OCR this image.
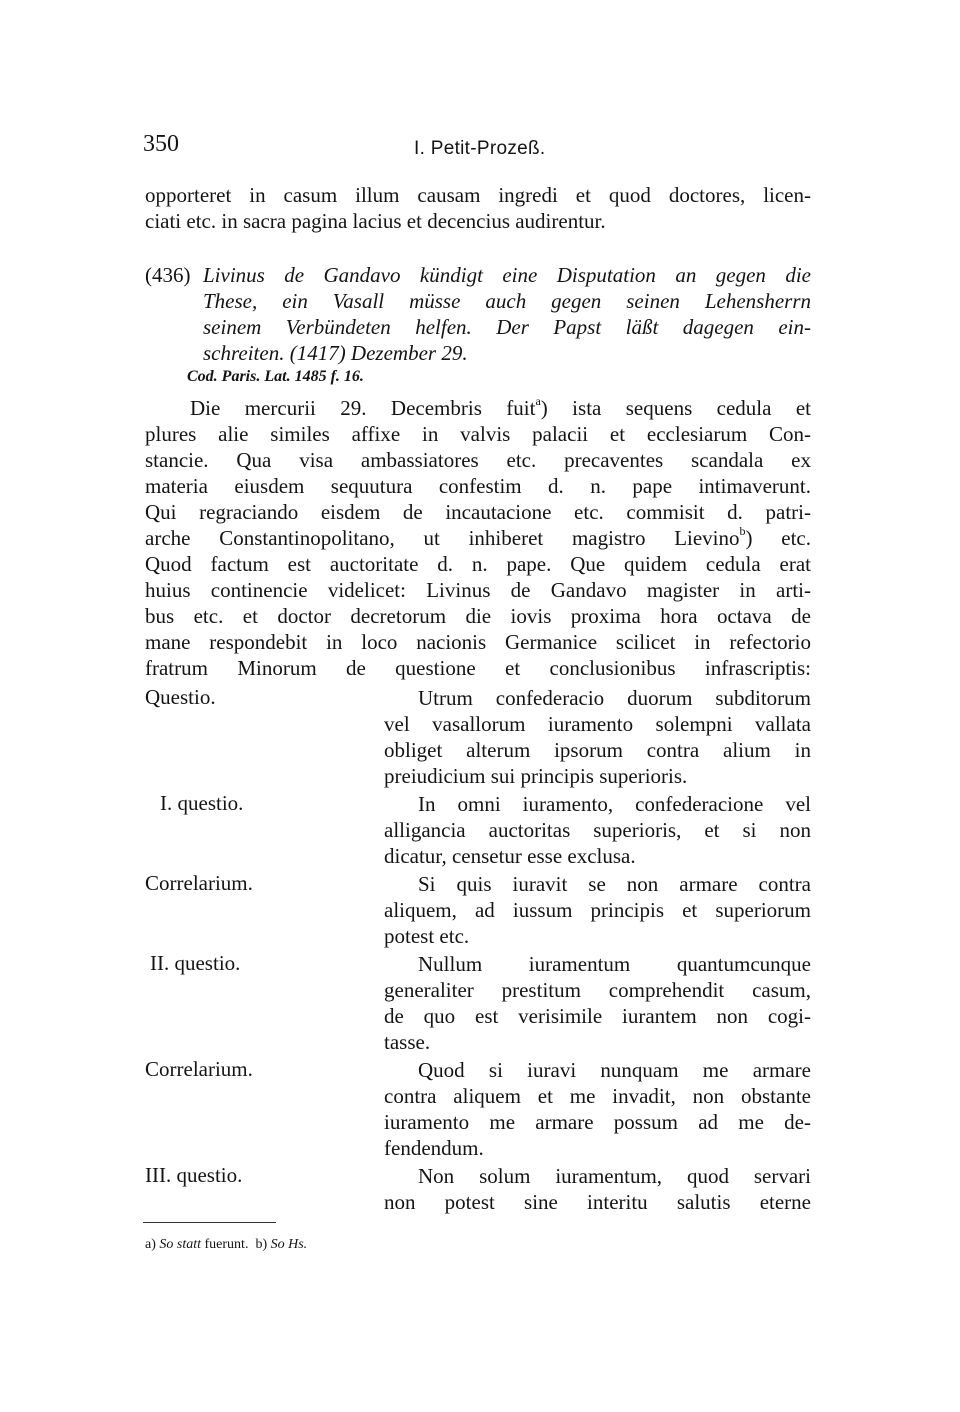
350	I. Petit-Prozeß.
opporteret in casum illum causam ingredi et quod doctores, licen-
ciati etc. in sacra pagina lacius et decencius audirentur.
(436) Livinus de Gandavo kündigt eine Disputation an gegen die
These, ein Vasall müsse auch gegen seinen Lehensherrn
seinem Verbündeten helfen. Der Papst läßt dagegen ein-
schreiten. (1417) Dezember 29.
Cod. Paris. Lat. 1485 f. 16.
Die mercurii 29. Decembris fuit$^a$) ista sequens cedula et
plures alie similes affixe in valvis palacii et ecclesiarum Con-
stancie. Qua visa ambassiatores etc. precaventes scandala ex
materia eiusdem sequutura confestim d. n. pape intimaverunt.
Qui regraciando eisdem de incautacione etc. commisit d. patri-
arche Constantinopolitano, ut inhiberet magistro Lievino$^b$) etc.
Quod factum est auctoritate d. n. pape. Que quidem cedula erat
huius continencie videlicet: Livinus de Gandavo magister in arti-
bus etc. et doctor decretorum die iovis proxima hora octava de
mane respondebit in loco nacionis Germanice scilicet in refectorio
fratrum Minorum de questione et conclusionibus infrascriptis:
Questio.	Utrum confederacio duorum subditorum
vel vasallorum iuramento solempni vallata
obliget alterum ipsorum contra alium in
preiudicium sui principis superioris.
I. questio.	In omni iuramento, confederacione vel
alligancia auctoritas superioris, et si non
dicatur, censetur esse exclusa.
Correlarium.	Si quis iuravit se non armare contra
aliquem, ad iussum principis et superiorum
potest etc.
II. questio.	Nullum iuramentum quantumcunque
generaliter prestitum comprehendit casum,
de quo est verisimile iurantem non cogi-
tasse.
Correlarium.	Quod si iuravi nunquam me armare
contra aliquem et me invadit, non obstante
iuramento me armare possum ad me de-
fendendum.
III. questio.	Non solum iuramentum, quod servari
non potest sine interitu salutis eterne
a) So statt fuerunt. b) So Hs.
